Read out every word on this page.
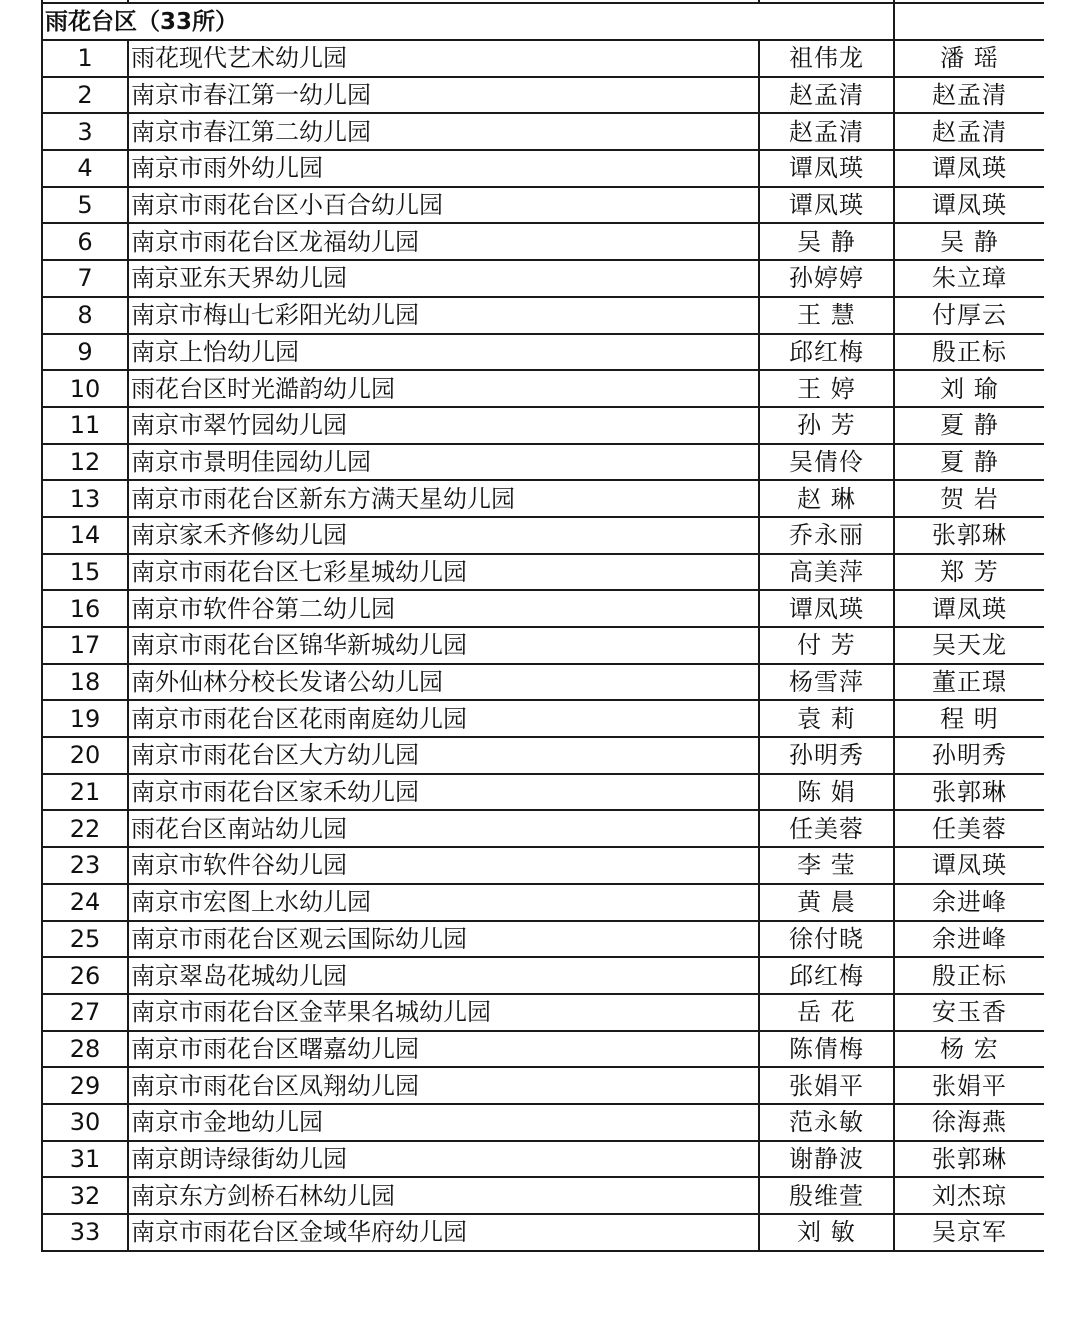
雨花台区（33所）			
1	雨花现代艺术幼儿园	祖伟龙	潘 瑶
2	南京市春江第一幼儿园	赵孟清	赵孟清
3	南京市春江第二幼儿园	赵孟清	赵孟清
4	南京市雨外幼儿园	谭凤瑛	谭凤瑛
5	南京市雨花台区小百合幼儿园	谭凤瑛	谭凤瑛
6	南京市雨花台区龙福幼儿园	吴 静	吴 静
7	南京亚东天界幼儿园	孙婷婷	朱立璋
8	南京市梅山七彩阳光幼儿园	王 慧	付厚云
9	南京上怡幼儿园	邱红梅	殷正标
10	雨花台区时光澔韵幼儿园	王 婷	刘 瑜
11	南京市翠竹园幼儿园	孙 芳	夏 静
12	南京市景明佳园幼儿园	吴倩伶	夏 静
13	南京市雨花台区新东方满天星幼儿园	赵 琳	贺 岩
14	南京家禾齐修幼儿园	乔永丽	张郭琳
15	南京市雨花台区七彩星城幼儿园	高美萍	郑 芳
16	南京市软件谷第二幼儿园	谭凤瑛	谭凤瑛
17	南京市雨花台区锦华新城幼儿园	付 芳	吴天龙
18	南外仙林分校长发诸公幼儿园	杨雪萍	董正璟
19	南京市雨花台区花雨南庭幼儿园	袁 莉	程 明
20	南京市雨花台区大方幼儿园	孙明秀	孙明秀
21	南京市雨花台区家禾幼儿园	陈 娟	张郭琳
22	雨花台区南站幼儿园	任美蓉	任美蓉
23	南京市软件谷幼儿园	李 莹	谭凤瑛
24	南京市宏图上水幼儿园	黄 晨	余进峰
25	南京市雨花台区观云国际幼儿园	徐付晓	余进峰
26	南京翠岛花城幼儿园	邱红梅	殷正标
27	南京市雨花台区金苹果名城幼儿园	岳 花	安玉香
28	南京市雨花台区曙嘉幼儿园	陈倩梅	杨 宏
29	南京市雨花台区凤翔幼儿园	张娟平	张娟平
30	南京市金地幼儿园	范永敏	徐海燕
31	南京朗诗绿街幼儿园	谢静波	张郭琳
32	南京东方剑桥石林幼儿园	殷维萱	刘杰琼
33	南京市雨花台区金域华府幼儿园	刘 敏	吴京军
